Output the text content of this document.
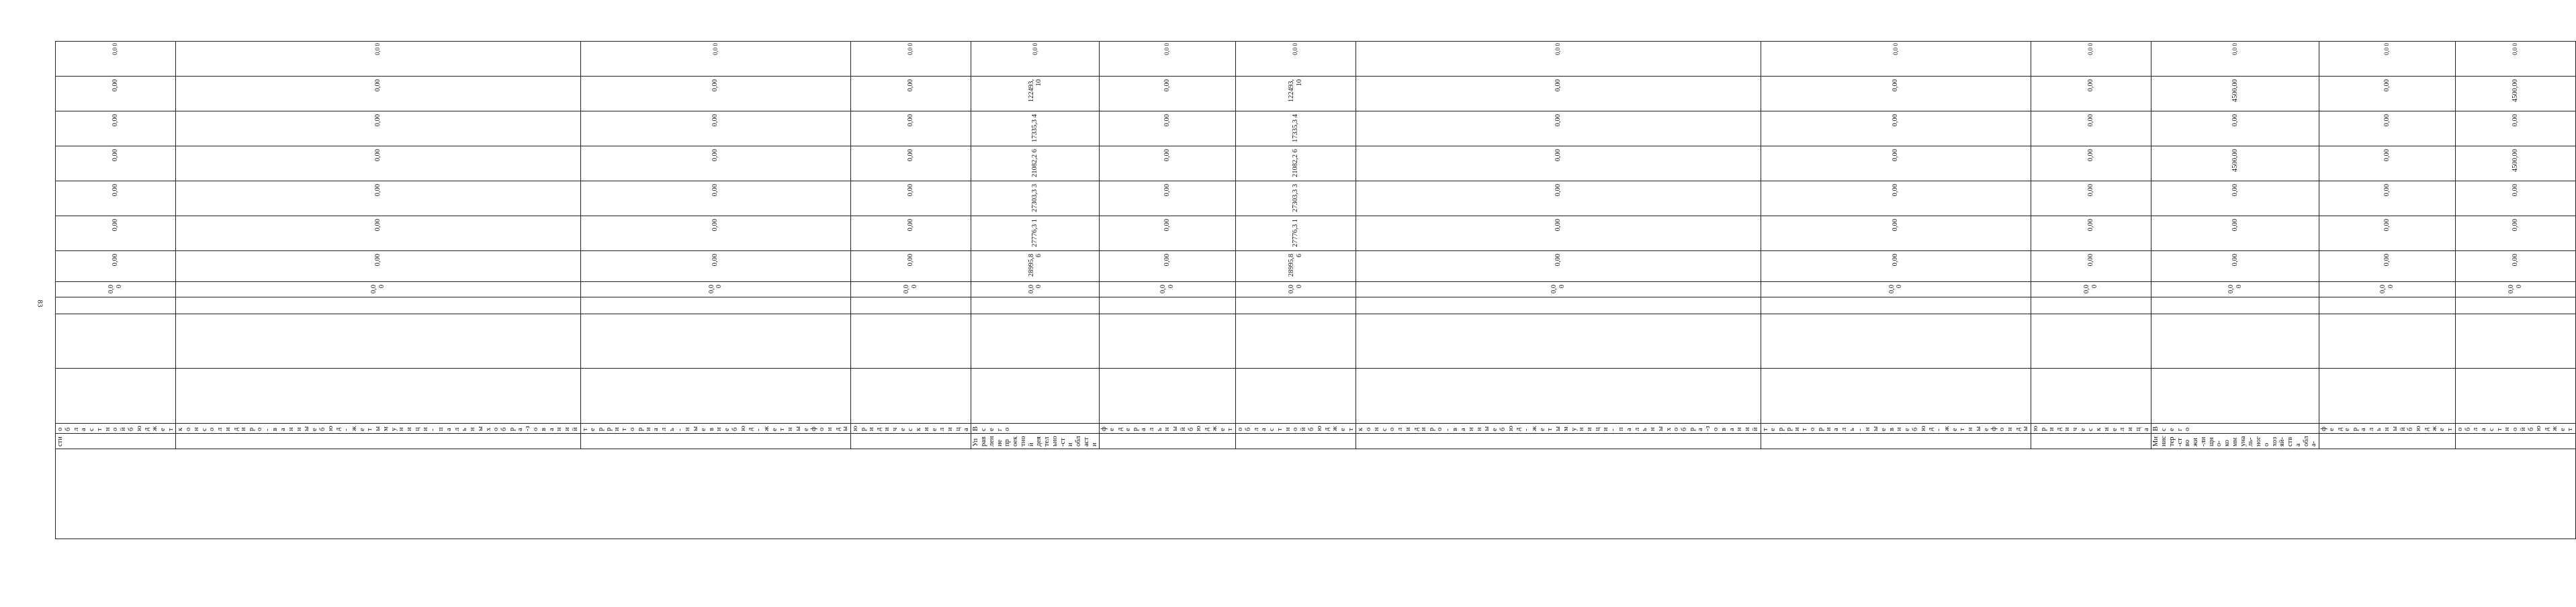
83
	сти	областной бюджет				0,00	0,00	0,00	0,00	0,00	0,00	0,00	0,0 0
		консолидиро-ванные бюд-жеты муници-пальных обра-зований				0,00	0,00	0,00	0,00	0,00	0,00	0,00	0,0 0
		территориаль-ные внебюд-жетные фонды				0,00	0,00	0,00	0,00	0,00	0,00	0,00	0,0 0
		юридические лица				0,00	0,00	0,00	0,00	0,00	0,00	0,00	0,0 0
	Управление проектной деятельно-сти области	Всего				0,00	28995,8 6	27776,3 1	27303,3 3	21082,2 6	17335,3 4	122493, 10	0,0 0
		федеральный бюджет				0,00	0,00	0,00	0,00	0,00	0,00	0,00	0,0 0
		областной бюджет				0,00	28995,8 6	27776,3 1	27303,3 3	21082,2 6	17335,3 4	122493, 10	0,0 0
		консолидиро-ванные бюд-жеты муници-пальных обра-зований				0,00	0,00	0,00	0,00	0,00	0,00	0,00	0,0 0
		территориаль-ные внебюд-жетные фонды				0,00	0,00	0,00	0,00	0,00	0,00	0,00	0,0 0
		юридические лица				0,00	0,00	0,00	0,00	0,00	0,00	0,00	0,0 0
	Министер-ство жи-лищно-коммуналь-ного хозяй-ства обла-	Всего				0,00	0,00	0,00	0,00	4500,00	0,00	4500,00	0,0 0
		федеральный бюджет				0,00	0,00	0,00	0,00	0,00	0,00	0,00	0,0 0
		областной бюджет				0,00	0,00	0,00	0,00	4500,00	0,00	4500,00	0,0 0
